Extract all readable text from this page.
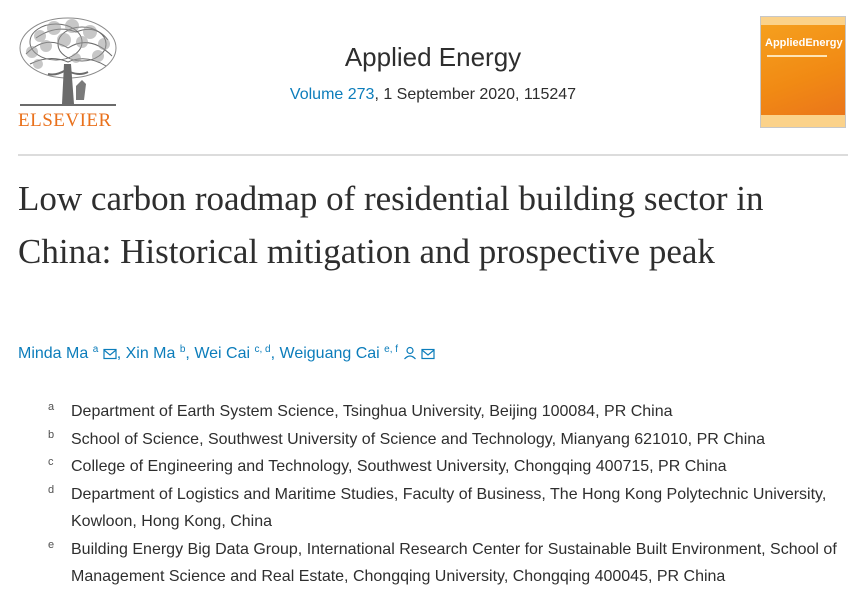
ELSEVIER
Applied Energy
Volume 273, 1 September 2020, 115247
AppliedEnergy
Low carbon roadmap of residential building sector in China: Historical mitigation and prospective peak
Minda Ma $^a$ , Xin Ma $^b$, Wei Cai $^{c, d}$, Weiguang Cai $^{e, f}$
a Department of Earth System Science, Tsinghua University, Beijing 100084, PR China
b School of Science, Southwest University of Science and Technology, Mianyang 621010, PR China
c College of Engineering and Technology, Southwest University, Chongqing 400715, PR China
d Department of Logistics and Maritime Studies, Faculty of Business, The Hong Kong Polytechnic University, Kowloon, Hong Kong, China
e Building Energy Big Data Group, International Research Center for Sustainable Built Environment, School of Management Science and Real Estate, Chongqing University, Chongqing 400045, PR China
